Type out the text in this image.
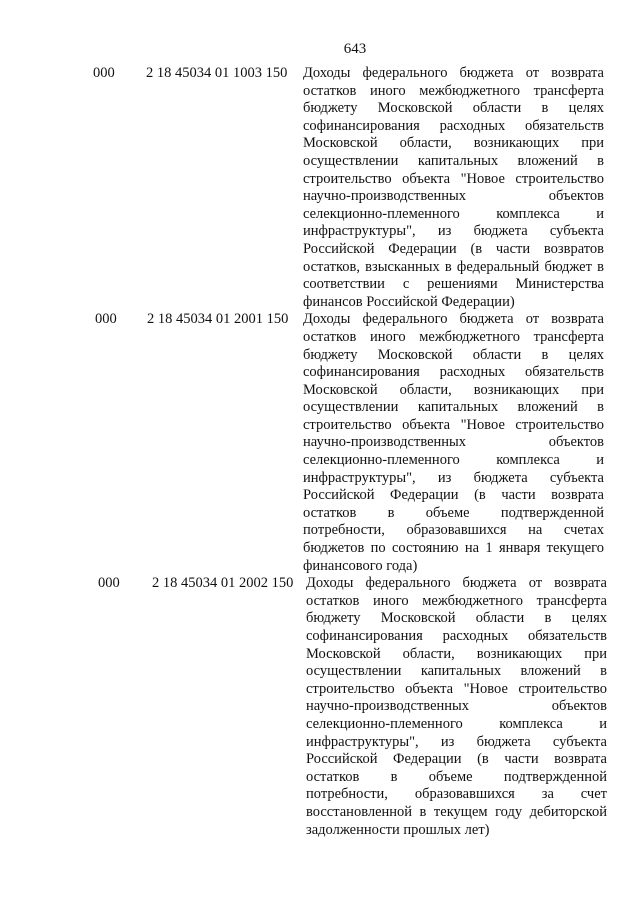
643
000 2 18 45034 01 1003 150 Доходы федерального бюджета от возврата остатков иного межбюджетного трансферта бюджету Московской области в целях софинансирования расходных обязательств Московской области, возникающих при осуществлении капитальных вложений в строительство объекта "Новое строительство научно-производственных объектов селекционно-племенного комплекса и инфраструктуры", из бюджета субъекта Российской Федерации (в части возвратов остатков, взысканных в федеральный бюджет в соответствии с решениями Министерства финансов Российской Федерации)
000 2 18 45034 01 2001 150 Доходы федерального бюджета от возврата остатков иного межбюджетного трансферта бюджету Московской области в целях софинансирования расходных обязательств Московской области, возникающих при осуществлении капитальных вложений в строительство объекта "Новое строительство научно-производственных объектов селекционно-племенного комплекса и инфраструктуры", из бюджета субъекта Российской Федерации (в части возврата остатков в объеме подтвержденной потребности, образовавшихся на счетах бюджетов по состоянию на 1 января текущего финансового года)
000 2 18 45034 01 2002 150 Доходы федерального бюджета от возврата остатков иного межбюджетного трансферта бюджету Московской области в целях софинансирования расходных обязательств Московской области, возникающих при осуществлении капитальных вложений в строительство объекта "Новое строительство научно-производственных объектов селекционно-племенного комплекса и инфраструктуры", из бюджета субъекта Российской Федерации (в части возврата остатков в объеме подтвержденной потребности, образовавшихся за счет восстановленной в текущем году дебиторской задолженности прошлых лет)
